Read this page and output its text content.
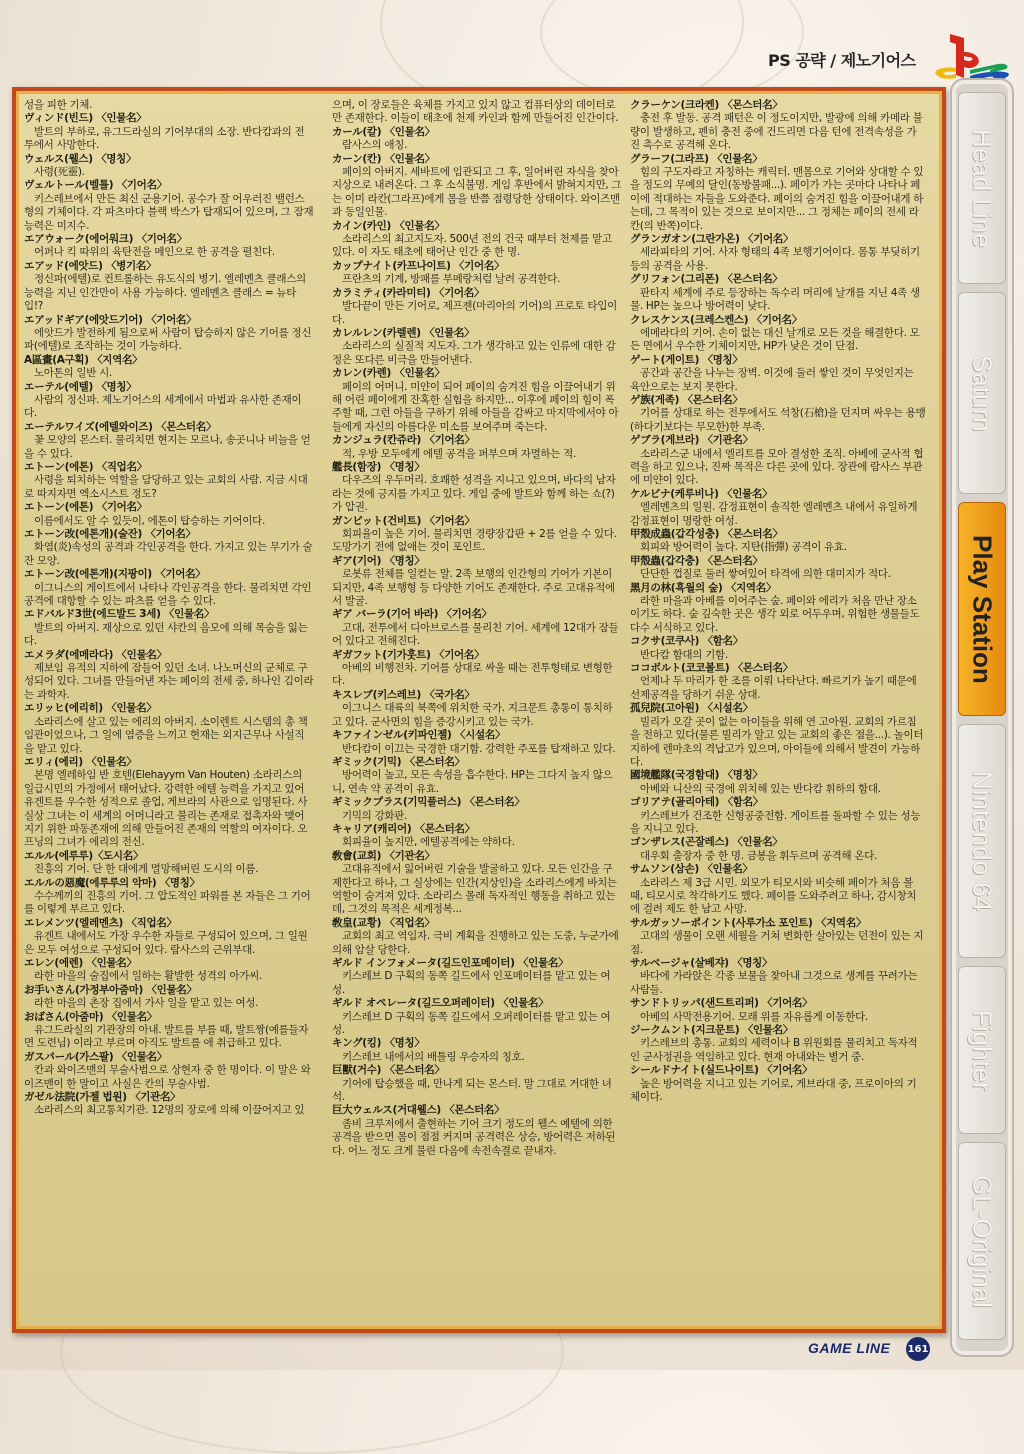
PS 공략 / 제노기어스

성을 피한 기체.

ヴィンド(빈드) 〈인물名〉
발트의 부하로, 유그드라실의 기어부대의 소장. 반다캄과의 전투에서 사망한다.

ウェルス(웰스) 〈명칭〉
사령(死靈).

ヴェルトール(벨틀) 〈기어名〉
키스레브에서 만든 최신 군용기어. 공수가 잘 어우러진 밸런스형의 기체이다. 각 파츠마다 블랙 박스가 탑재되어 있으며, 그 잠재능력은 미지수.

エアウォーク(에어워크) 〈기어名〉
어퍼나 킥 따위의 육탄전을 메인으로 한 공격을 펼친다.

エアッド(에앗드) 〈병기名〉
정신파(에텔)로 컨트롤하는 유도식의 병기. 엘레멘츠 클래스의 능력을 지닌 인간만이 사용 가능하다. 엘레멘츠 클래스 = 뉴타입!?

エアッドギア(에앗드기어) 〈기어名〉
에앗드가 발전하게 됨으로써 사람이 탑승하지 않은 기어를 정신파(에텔)로 조작하는 것이 가능하다.

A區畫(A구획) 〈지역名〉
노아톤의 일반 시.

エーテル(에텔) 〈명칭〉
사람의 정신파. 제노기어스의 세계에서 마법과 유사한 존재이다.

エーテルワイズ(에텔와이즈) 〈몬스터名〉
꽃 모양의 몬스터. 물리치면 현지는 모르나, 송곳니나 비늘을 얻을 수 있다.

エトーン(에톤) 〈직업名〉
사령을 퇴치하는 역할을 담당하고 있는 교회의 사람. 지금 시대로 따지자면 엑소시스트 정도?

エトーン(에톤) 〈기어名〉
이름에서도 알 수 있듯이, 에톤이 탑승하는 기어이다.

エトーン改(에톤개)(술잔) 〈기어名〉
화염(炎)속성의 공격과 각인공격을 한다. 가지고 있는 무기가 술잔 모양.

エトーン改(에톤개)(지팡이) 〈기어名〉
이그니스의 게이트에서 나타나 각인공격을 한다. 물리치면 각인공격에 대항할 수 있는 파츠를 얻을 수 있다.

エドバルド3世(에드발드 3세) 〈인물名〉
발트의 아버지. 재상으로 있던 샤칸의 음모에 의해 목숨을 잃는다.

エメラダ(에메라다) 〈인물名〉
제보임 유적의 지하에 잠들어 있던 소녀. 나노머신의 군체로 구성되어 있다. 그녀를 만들어낸 자는 페이의 전세 중, 하나인 김이라는 과학자.

エリッヒ(에리히) 〈인물名〉
소라리스에 살고 있는 에리의 아버지. 소이렌트 시스템의 총 책임관이었으나, 그 일에 염증을 느끼고 현재는 외지근무나 사설직을 맡고 있다.

エリィ(에리) 〈인물名〉
본명 엘레하임 반 호텐(Elehayym Van Houten) 소라리스의 일급시민의 가정에서 태어났다. 강력한 에텔 능력을 가지고 있어 유겐트를 우수한 성적으로 졸업, 게브라의 사관으로 임명된다. 사실상 그녀는 이 세계의 어머니라고 불리는 존재로 접촉자와 맺어지기 위한 파동존재에 의해 만들어진 존재의 역할의 여자이다. 오프닝의 그녀가 에리의 전신.

エルル(에루루)〈도시名〉
진흥의 기어. 단 한 대에게 멸망해버린 도시의 이름.

エルルの惡魔(에루루의 악마) 〈명칭〉
수수께끼의 진흥의 기어. 그 압도적인 파워를 본 자들은 그 기어를 이렇게 부르고 있다.

エレメンツ(엘레멘츠) 〈직업名〉
유겐트 내에서도 가장 우수한 자들로 구성되어 있으며, 그 일원은 모두 여성으로 구성되어 있다. 람사스의 근위부대.

エレン(에렌) 〈인물名〉
라한 마을의 술집에서 일하는 활발한 성격의 아가씨.

お手いさん(가정부아줌마) 〈인물名〉
라한 마을의 촌장 집에서 가사 일을 맡고 있는 여성.

おばさん(아줌마) 〈인물名〉
유그드라실의 기관장의 아내. 발트를 부를 때, 발트짱(예를들자면 도련님) 이라고 부르며 아직도 발트를 애 취급하고 있다.

ガスパール(가스팔) 〈인물名〉
칸과 와이즈맨의 무술사범으로 상현자 중 한 명이다. 이 말은 와이즈맨이 한 말이고 사실은 칸의 무술사범.

ガゼル法院(가젤 법원) 〈기관名〉
소라리스의 최고통치기관. 12명의 장로에 의해 이끌어지고 있

으며, 이 장로들은 육체를 가지고 있지 않고 컴퓨터상의 데이터로만 존재한다. 이들이 태초에 천제 카인과 함께 만들어진 인간이다.

カール(칼) 〈인물名〉
람사스의 애칭.

カーン(칸) 〈인물名〉
페이의 아버지. 세바트에 임관되고 그 후, 일어버린 자식을 찾아 지상으로 내려온다. 그 후 소식불명. 게임 후반에서 밝혀지지만, 그는 이미 라칸(그라프)에게 몸을 반쯤 점령당한 상태이다. 와이즈맨과 동일인물.

カイン(카인) 〈인물名〉
소라리스의 최고지도자. 500년 전의 건국 때부터 천제를 맡고 있다. 이 자도 태초에 태어난 인간 중 한 명.

カップナイト(카프나이트) 〈기어名〉
프란츠의 기계, 방패를 부메랑처럼 날려 공격한다.

カラミティ(카라미티) 〈기어名〉
발다끝이 만든 기어로, 제프젠(마리아의 기어)의 프로토 타입이다.

カレルレン(카렐렌) 〈인물名〉
소라리스의 실질적 지도자. 그가 생각하고 있는 인류에 대한 감정은 또다른 비극을 만들어낸다.

カレン(카렌) 〈인물名〉
페이의 어머니. 미얀이 되어 페이의 숨겨진 힘을 이끌어내기 위해 어린 페이에게 잔혹한 실험을 하지만... 이후에 페이의 힘이 폭주할 때, 그런 아들을 구하기 위해 아들을 감싸고 마지막에서야 아들에게 자신의 아름다운 미소를 보여주며 죽는다.

カンジュラ(칸쥬라) 〈기어名〉
적, 우방 모두에게 에텔 공격을 퍼부으며 자멸하는 적.

艦長(함장) 〈명칭〉
다우즈의 우두머리. 호쾌한 성격을 지니고 있으며, 바다의 남자라는 것에 긍지를 가지고 있다. 게임 중에 발트와 함께 하는 쇼(?)가 압권.

ガンビット(건비트) 〈기어名〉
회피율이 높은 기어. 물리치면 경량장갑판 + 2를 얻을 수 있다. 도망가기 전에 없애는 것이 포인트.

ギア(기어) 〈명칭〉
로봇류 전체를 일컫는 말. 2족 보행의 인간형의 기어가 기본이 되지만, 4족 보행형 등 다양한 기어도 존재한다. 주로 고대유적에서 발굴.

ギア バーラ(기어 바라) 〈기어名〉
고대, 전투에서 디아브로스를 물리친 기어. 세계에 12대가 잠들어 있다고 전해진다.

ギガフット(기가훗트) 〈기어名〉
아베의 비행전차. 기어를 상대로 싸울 때는 전투형태로 변형한다.

キスレブ(키스레브) 〈국가名〉
이그니스 대륙의 북쪽에 위치한 국가. 지크문트 총통이 통치하고 있다. 군사면의 힘을 증강시키고 있는 국가.

キファインゼル(키파인젤) 〈시설名〉
반다캄이 이끄는 국경한 대기함. 강력한 주포를 탑재하고 있다.

ギミック(기믹) 〈몬스터名〉
방어력이 높고, 모든 속성을 흡수한다. HP는 그다지 높지 않으니, 연속 약 공격이 유효.

ギミックプラス(기믹플러스) 〈몬스터名〉
기믹의 강화판.

キャリア(캐리어) 〈몬스터名〉
회피율이 높지만, 에텔공격에는 약하다.

敎會(교회) 〈기관名〉
고대유적에서 잃어버린 기술을 발굴하고 있다. 모든 인간을 구제한다고 하나, 그 실상에는 인간(지상인)을 소라리스에게 바치는 역할이 숨겨져 있다. 소라리스 몰래 독자적인 행동을 취하고 있는데, 그것의 목적은 세계정복...

敎皇(교황) 〈직업名〉
교회의 최고 역임자. 극비 계획을 진행하고 있는 도중, 누군가에 의해 암살 당한다.

ギルド インフォメータ(길드인포메이터) 〈인물名〉
키스레브 D 구획의 동쪽 길드에서 인포메이터를 맡고 있는 여성.

ギルド オペレータ(길드오퍼레이터) 〈인물名〉
키스레브 D 구획의 동쪽 길드에서 오퍼레이터를 맡고 있는 여성.

キング(킹) 〈명칭〉
키스레브 내에서의 배틀링 우승자의 칭호.

巨獸(거수) 〈몬스터名〉
기어에 탑승했을 때, 만나게 되는 몬스터. 말 그대로 거대한 녀석.

巨大ウェルス(거대웰스) 〈몬스터名〉
좀비 크루저에서 출현하는 기어 크기 정도의 웰스 예텔에 의한 공격을 받으면 몸이 점점 커지며 공격력은 상승, 방어력은 저하된다. 어느 정도 크게 불린 다음에 속전속결로 끝내자.

クラーケン(크라켄) 〈몬스터名〉
충전 후 발동. 공격 패턴은 이 정도이지만, 발광에 의해 카메라 불량이 발생하고, 펜히 충전 중에 건드리면 다음 턴에 전격속성을 가진 촉수로 공격해 온다.

グラーフ(그라프) 〈인물名〉
힘의 구도자라고 자칭하는 캐릭터. 맨몸으로 기어와 상대할 수 있을 정도의 무예의 달인(동방불패...). 페이가 가는 곳마다 나타나 페이에 적대하는 자들을 도와준다. 페이의 숨겨진 힘을 이끌어내게 하는데, 그 목적이 있는 것으로 보이지만... 그 정체는 페이의 전세 라칸(의 반쪽)이다.

グランガオン(그란가온) 〈기어名〉
세라피타의 기어. 사자 형태의 4족 보행기어이다. 몸통 부딪히기 등의 공격을 사용.

グリフォン(그리폰) 〈몬스터名〉
판타지 세계에 주로 등장하는 독수리 머리에 날개를 지닌 4족 생물. HP는 높으나 방어력이 낮다.

クレスケンス(크레스켄스) 〈기어名〉
에메라다의 기어. 손이 없는 대신 날개로 모든 것을 해결한다. 모든 면에서 우수한 기체이지만, HP가 낮은 것이 단점.

ゲート(게이트) 〈명칭〉
공간과 공간을 나누는 장벽. 이것에 둘러 쌓인 것이 무엇인지는 육안으로는 보지 못한다.

ゲ族(게족) 〈몬스터名〉
기어를 상대로 하는 전투에서도 석창(石槍)을 던지며 싸우는 용맹(하다기보다는 무모한)한 부족.

ゲブラ(게브라) 〈기관名〉
소라리스군 내에서 엘리트를 모아 결성한 조직. 아베에 군사적 협력을 하고 있으나, 진짜 목적은 다른 곳에 있다. 장관에 람사스 부관에 미얀이 있다.

ケルビナ(케루비나) 〈인물名〉
엘레멘츠의 일원. 감정표현이 솔직한 엘레멘츠 내에서 유일하게 감정표현이 명랑한 여성.

甲殼成蟲(갑각성충) 〈몬스터名〉
회피와 방어력이 높다. 지탄(指彈) 공격이 유효.

甲殼蟲(갑각충) 〈몬스터名〉
단단한 껍질로 둘러 쌓여있어 타격에 의한 대미지가 적다.

黑月の林(흑월의 숲) 〈지역名〉
라한 마을과 아베를 이어주는 숲. 페이와 에리가 처음 만난 장소이기도 하다. 숲 깊숙한 곳은 생각 외로 어두우며, 위험한 생물들도 다수 서식하고 있다.

コクサ(코쿠사) 〈함名〉
반다캄 함대의 기함.

ココボルト(코코볼트) 〈몬스터名〉
언제나 두 마리가 한 조를 이뤄 나타난다. 빠르기가 높기 때문에 선제공격을 당하기 쉬운 상대.

孤兒院(고아원) 〈시설名〉
빌리가 오갈 곳이 없는 아이들을 위해 연 고아원. 교회의 가르침을 전하고 있다(물론 빌리가 알고 있는 교회의 좋은 점을...). 놀이터 지하에 렌마초의 격납고가 있으며, 아이들에 의해서 발견이 가능하다.

國境艦隊(국경함대) 〈명칭〉
아베와 니산의 국경에 위치해 있는 반다캄 휘하의 함대.

ゴリアテ(골리아테) 〈함名〉
키스레브가 건조한 신형공중전함. 게이트를 돌파할 수 있는 성능을 지니고 있다.

ゴンザレス(곤잘레스) 〈인물名〉
대우회 출장자 중 한 명. 금봉을 휘두르며 공격해 온다.

サムソン(삼손) 〈인물名〉
소라리스 제 3급 시민. 외모가 티모시와 비슷해 페이가 처음 볼 때, 티모시로 착각하기도 했다. 페이를 도와주려고 하나, 감시창치에 걸려 제도 한 남고 사망.

サルガッソーポイント(사루가소 포인트) 〈지역名〉
고대의 생물이 오랜 세월을 거쳐 변화한 살아있는 던전이 있는 지점.

サルベージャ(살베쟈) 〈명칭〉
바다에 가라앉은 각종 보물을 찾아내 그것으로 생계를 꾸려가는 사람들.

サンドトリッパ(샌드트리퍼) 〈기어名〉
아베의 사막전용기어. 모래 위를 자유롭게 이동한다.

ジークムント(지크문트) 〈인물名〉
키스레브의 총통. 교회의 세력이나 B 위원회를 물리치고 독자적인 군사정권을 역임하고 있다. 현재 아내와는 별거 중.

シールドナイト(실드나이트) 〈기어名〉
높은 방어력을 지니고 있는 기어로, 게브라대 중, 프로이아의 기체이다.

Head Line
Saturn
Play Station
Nintendo 64
Fighter
GL-Original
GAME LINE 161
